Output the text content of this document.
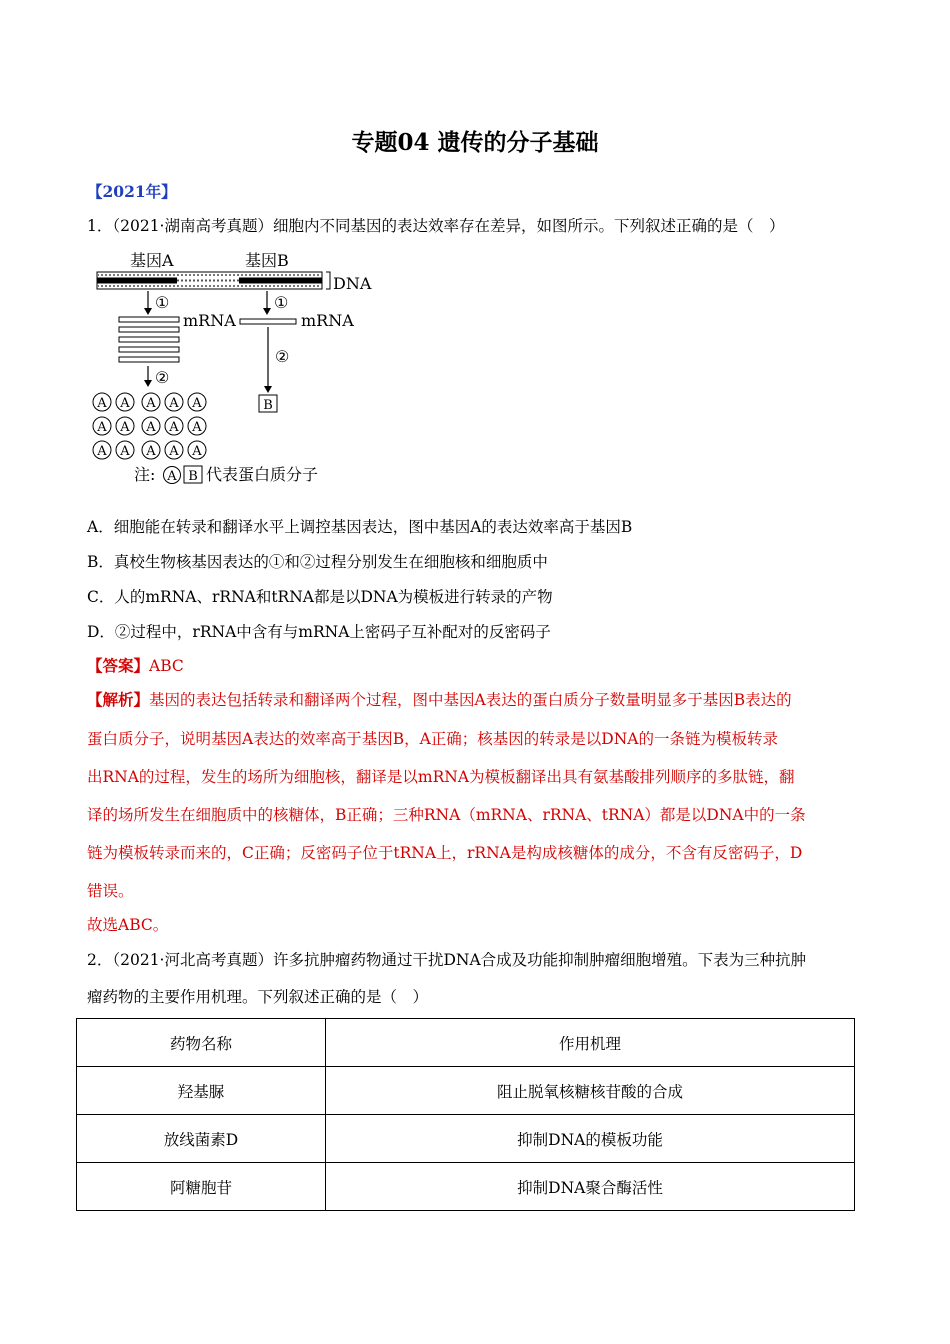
专题04 遗传的分子基础
【2021年】
1．（2021·湖南高考真题）细胞内不同基因的表达效率存在差异，如图所示。下列叙述正确的是（　）
基因A	基因B
DNA
①	①
mRNA	mRNA
②
②
A A A A A
A A A A A
A A A A A
B
注: A B 代表蛋白质分子
A．细胞能在转录和翻译水平上调控基因表达，图中基因A的表达效率高于基因B
B．真校生物核基因表达的①和②过程分别发生在细胞核和细胞质中
C．人的mRNA、rRNA和tRNA都是以DNA为模板进行转录的产物
D．②过程中，rRNA中含有与mRNA上密码子互补配对的反密码子
【答案】ABC
【解析】基因的表达包括转录和翻译两个过程，图中基因A表达的蛋白质分子数量明显多于基因B表达的
蛋白质分子，说明基因A表达的效率高于基因B，A正确；核基因的转录是以DNA的一条链为模板转录
出RNA的过程，发生的场所为细胞核，翻译是以mRNA为模板翻译出具有氨基酸排列顺序的多肽链，翻
译的场所发生在细胞质中的核糖体，B正确；三种RNA（mRNA、rRNA、tRNA）都是以DNA中的一条
链为模板转录而来的，C正确；反密码子位于tRNA上，rRNA是构成核糖体的成分，不含有反密码子，D
错误。
故选ABC。
2．（2021·河北高考真题）许多抗肿瘤药物通过干扰DNA合成及功能抑制肿瘤细胞增殖。下表为三种抗肿
瘤药物的主要作用机理。下列叙述正确的是（　）
药物名称	作用机理
羟基脲	阻止脱氧核糖核苷酸的合成
放线菌素D	抑制DNA的模板功能
阿糖胞苷	抑制DNA聚合酶活性
